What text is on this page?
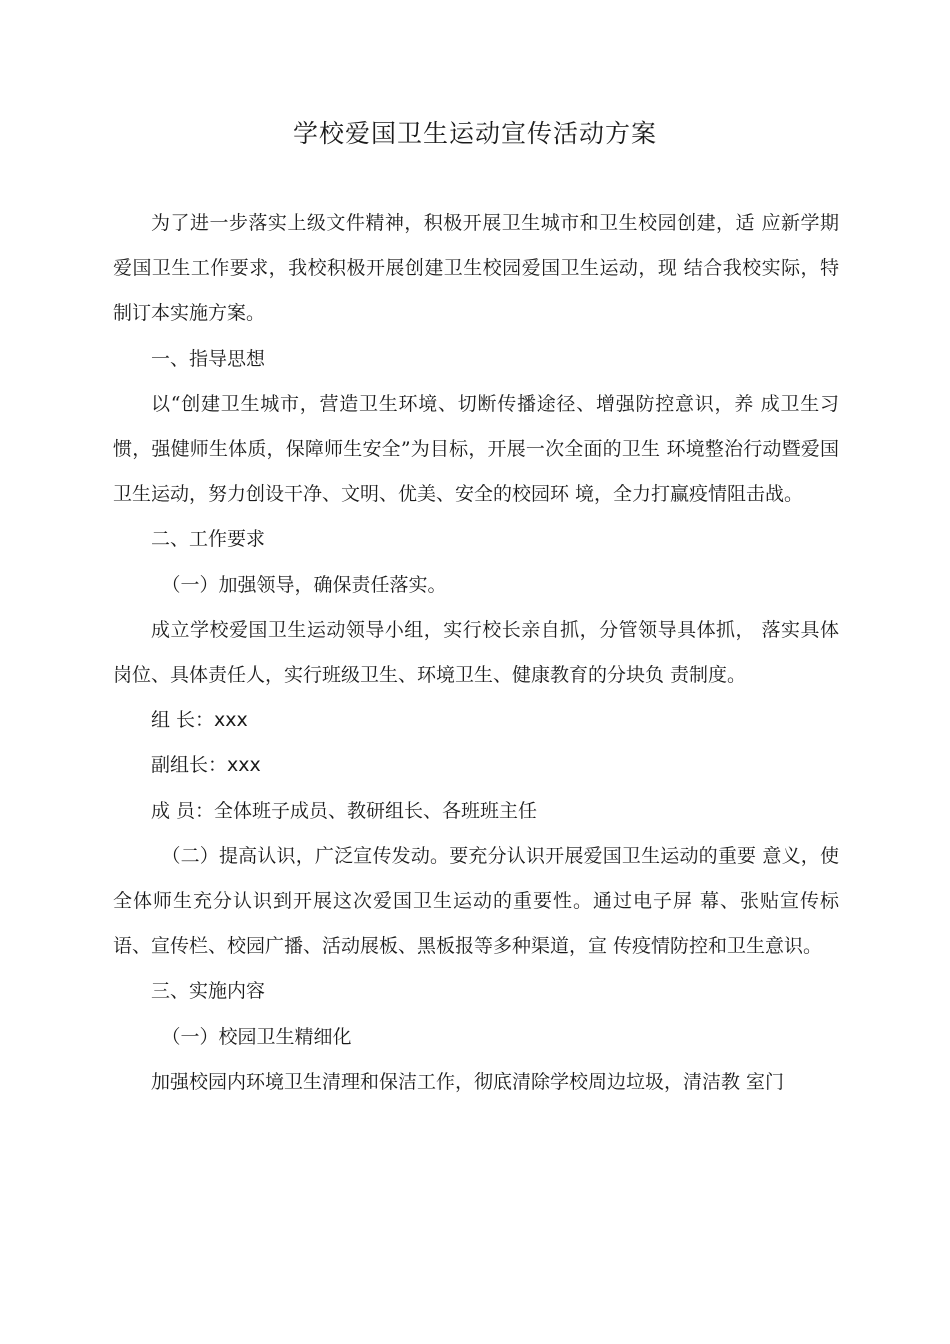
学校爱国卫生运动宣传活动方案

为了进一步落实上级文件精神，积极开展卫生城市和卫生校园创建，适 应新学期爱国卫生工作要求，我校积极开展创建卫生校园爱国卫生运动，现 结合我校实际，特制订本实施方案。

一、指导思想

以“创建卫生城市，营造卫生环境、切断传播途径、增强防控意识，养 成卫生习惯，强健师生体质，保障师生安全”为目标，开展一次全面的卫生 环境整治行动暨爱国卫生运动，努力创设干净、文明、优美、安全的校园环 境，全力打赢疫情阻击战。

二、工作要求

（一）加强领导，确保责任落实。

成立学校爱国卫生运动领导小组，实行校长亲自抓，分管领导具体抓， 落实具体岗位、具体责任人，实行班级卫生、环境卫生、健康教育的分块负 责制度。

组 长：xxx

副组长：xxx

成 员：全体班子成员、教研组长、各班班主任

（二）提高认识，广泛宣传发动。要充分认识开展爱国卫生运动的重要 意义，使全体师生充分认识到开展这次爱国卫生运动的重要性。通过电子屏 幕、张贴宣传标语、宣传栏、校园广播、活动展板、黑板报等多种渠道，宣 传疫情防控和卫生意识。

三、实施内容

（一）校园卫生精细化

加强校园内环境卫生清理和保洁工作，彻底清除学校周边垃圾，清洁教 室门
